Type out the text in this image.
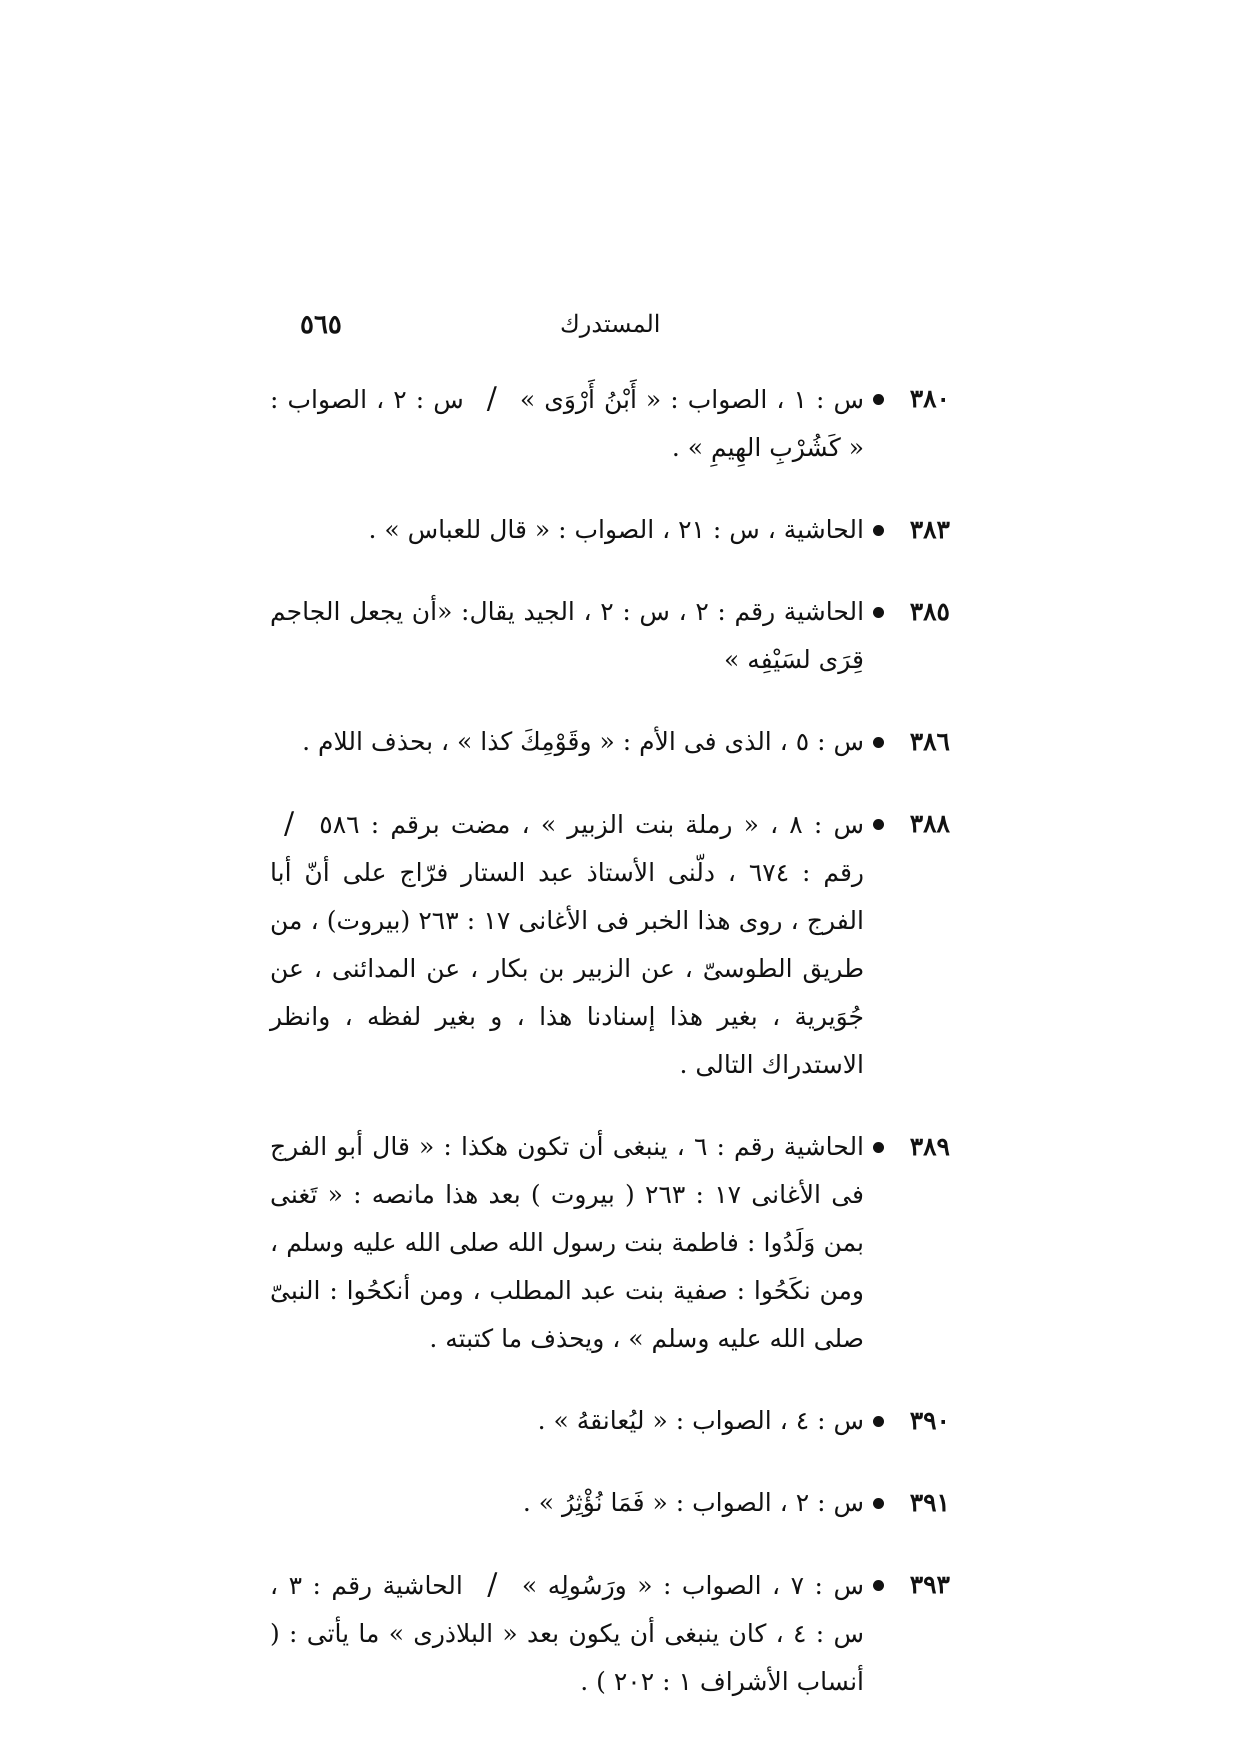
٥٦٥	المستدرك
٣٨٠
س : ١ ، الصواب : « أَبْنُ أَرْوَى » / س : ٢ ، الصواب : « كَشُرْبِ الهِيمِ » .
٣٨٣
الحاشية ، س : ٢١ ، الصواب : « قال للعباس » .
٣٨٥
الحاشية رقم : ٢ ، س : ٢ ، الجيد يقال: «أن يجعل الجاجم قِرَى لسَيْفِه »
٣٨٦
س : ٥ ، الذى فى الأم : « وقَوْمِكَ كذا » ، بحذف اللام .
٣٨٨
س : ٨ ، « رملة بنت الزبير » ، مضت برقم : ٥٨٦ / رقم : ٦٧٤ ، دلّنى الأستاذ عبد الستار فرّاج على أنّ أبا الفرج ، روى هذا الخبر فى الأغانى ١٧ : ٢٦٣ (بيروت) ، من طريق الطوسىّ ، عن الزبير بن بكار ، عن المدائنى ، عن جُوَيرية ، بغير هذا إسنادنا هذا ، و بغير لفظه ، وانظر الاستدراك التالى .
٣٨٩
الحاشية رقم : ٦ ، ينبغى أن تكون هكذا : « قال أبو الفرج فى الأغانى ١٧ : ٢٦٣ ( بيروت ) بعد هذا مانصه : « تَغنى بمن وَلَدُوا : فاطمة بنت رسول الله صلى الله عليه وسلم ، ومن نكَحُوا : صفية بنت عبد المطلب ، ومن أنكحُوا : النبىّ صلى الله عليه وسلم » ، ويحذف ما كتبته .
٣٩٠
س : ٤ ، الصواب : « ليُعانقهُ » .
٣٩١
س : ٢ ، الصواب : « فَمَا نُؤْثِرُ » .
٣٩٣
س : ٧ ، الصواب : « ورَسُولِه » / الحاشية رقم : ٣ ، س : ٤ ، كان ينبغى أن يكون بعد « البلاذرى » ما يأتى : ( أنساب الأشراف ١ : ٢٠٢ ) .
